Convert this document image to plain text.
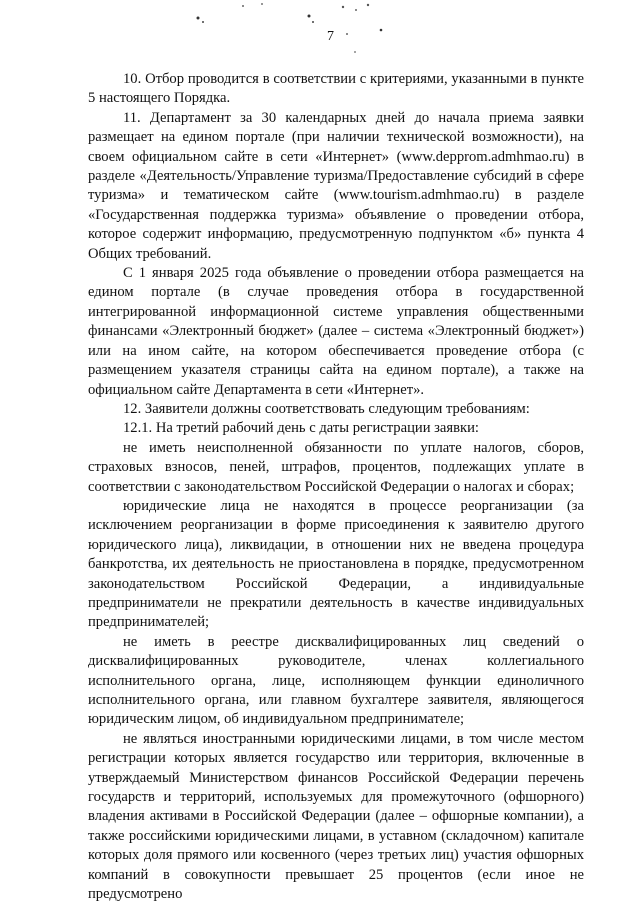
7

10. Отбор проводится в соответствии с критериями, указанными в пункте 5 настоящего Порядка.

11. Департамент за 30 календарных дней до начала приема заявки размещает на едином портале (при наличии технической возможности), на своем официальном сайте в сети «Интернет» (www.depprom.admhmao.ru) в разделе «Деятельность/Управление туризма/Предоставление субсидий в сфере туризма» и тематическом сайте (www.tourism.admhmao.ru) в разделе «Государственная поддержка туризма» объявление о проведении отбора, которое содержит информацию, предусмотренную подпунктом «б» пункта 4 Общих требований.

С 1 января 2025 года объявление о проведении отбора размещается на едином портале (в случае проведения отбора в государственной интегрированной информационной системе управления общественными финансами «Электронный бюджет» (далее – система «Электронный бюджет») или на ином сайте, на котором обеспечивается проведение отбора (с размещением указателя страницы сайта на едином портале), а также на официальном сайте Департамента в сети «Интернет».

12. Заявители должны соответствовать следующим требованиям:

12.1. На третий рабочий день с даты регистрации заявки:

не иметь неисполненной обязанности по уплате налогов, сборов, страховых взносов, пеней, штрафов, процентов, подлежащих уплате в соответствии с законодательством Российской Федерации о налогах и сборах;

юридические лица не находятся в процессе реорганизации (за исключением реорганизации в форме присоединения к заявителю другого юридического лица), ликвидации, в отношении них не введена процедура банкротства, их деятельность не приостановлена в порядке, предусмотренном законодательством Российской Федерации, а индивидуальные предприниматели не прекратили деятельность в качестве индивидуальных предпринимателей;

не иметь в реестре дисквалифицированных лиц сведений о дисквалифицированных руководителе, членах коллегиального исполнительного органа, лице, исполняющем функции единоличного исполнительного органа, или главном бухгалтере заявителя, являющегося юридическим лицом, об индивидуальном предпринимателе;

не являться иностранными юридическими лицами, в том числе местом регистрации которых является государство или территория, включенные в утверждаемый Министерством финансов Российской Федерации перечень государств и территорий, используемых для промежуточного (офшорного) владения активами в Российской Федерации (далее – офшорные компании), а также российскими юридическими лицами, в уставном (складочном) капитале которых доля прямого или косвенного (через третьих лиц) участия офшорных компаний в совокупности превышает 25 процентов (если иное не предусмотрено
